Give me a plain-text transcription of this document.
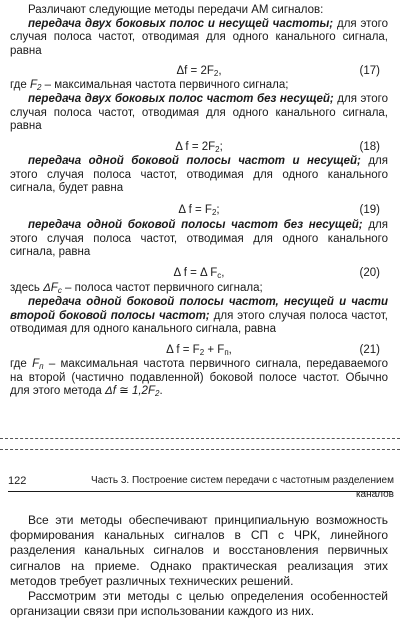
Различают следующие методы передачи АМ сигналов:

передача двух боковых полос и несущей частоты; для этого случая полоса частот, отводимая для одного канального сигнала, равна

$\Delta f = 2F_2$,	(17)

где $F_2$ – максимальная частота первичного сигнала;

передача двух боковых полос частот без несущей; для этого случая полоса частот, отводимая для одного канального сигнала, равна

Δ $f = 2F_2$;	(18)

передача одной боковой полосы частот и несущей; для этого случая полоса частот, отводимая для одного канального сигнала, будет равна

Δ $f = F_2$;	(19)

передача одной боковой полосы частот без несущей; для этого случая полоса частот, отводимая для одного канального сигнала, равна

Δ f = Δ $F_c$,	(20)

здесь $\Delta F_c$ – полоса частот первичного сигнала;

передача одной боковой полосы частот, несущей и части второй боковой полосы частот; для этого случая полоса частот, отводимая для одного канального сигнала, равна

Δ $f = F_2 + F_п$,	(21)

где $F_п$ – максимальная частота первичного сигнала, передаваемого на второй (частично подавленной) боковой полосе частот. Обычно для этого метода Δf ≅ $1,2F_2$.

122	Часть 3. Построение систем передачи с частотным разделением каналов

Все эти методы обеспечивают принципиальную возможность формирования канальных сигналов в СП с ЧРК, линейного разделения канальных сигналов и восстановления первичных сигналов на приеме. Однако практическая реализация этих методов требует различных технических решений.

Рассмотрим эти методы с целью определения особенностей организации связи при использовании каждого из них.
